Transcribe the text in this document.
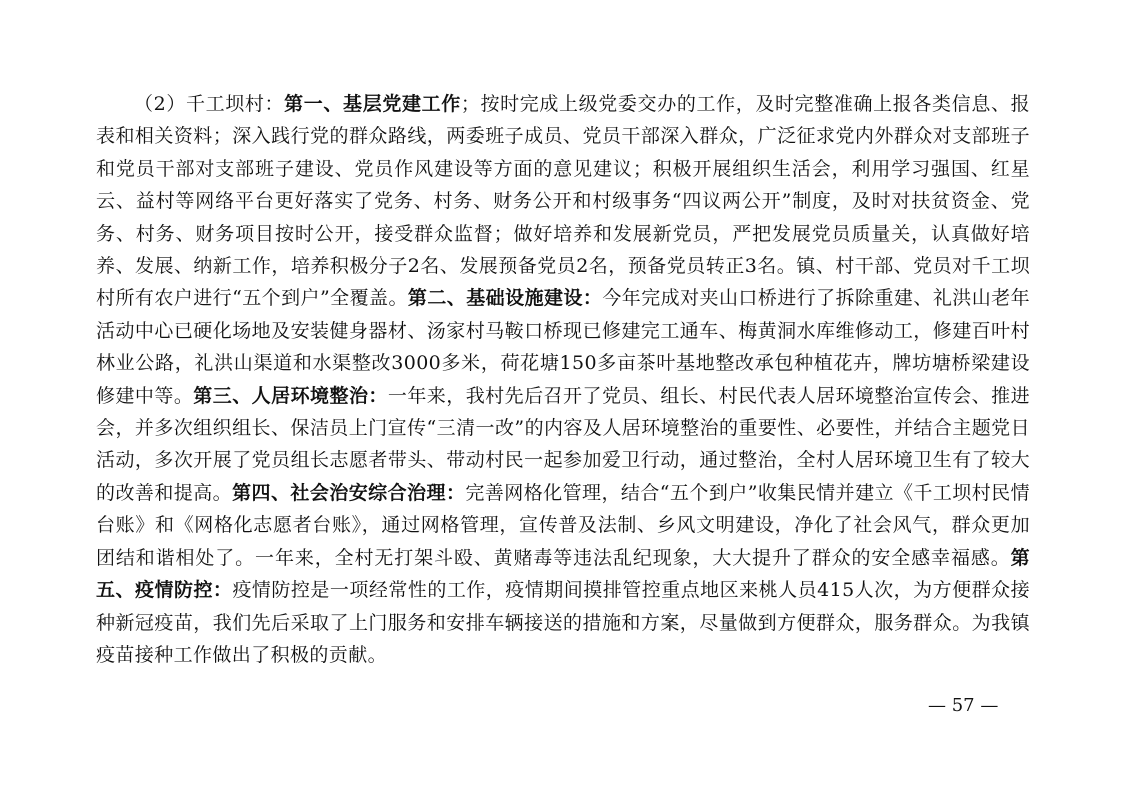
（2）千工坝村：第一、基层党建工作；按时完成上级党委交办的工作，及时完整准确上报各类信息、报表和相关资料；深入践行党的群众路线，两委班子成员、党员干部深入群众，广泛征求党内外群众对支部班子和党员干部对支部班子建设、党员作风建设等方面的意见建议；积极开展组织生活会，利用学习强国、红星云、益村等网络平台更好落实了党务、村务、财务公开和村级事务“四议两公开”制度，及时对扶贫资金、党务、村务、财务项目按时公开，接受群众监督；做好培养和发展新党员，严把发展党员质量关，认真做好培养、发展、纳新工作，培养积极分子2名、发展预备党员2名，预备党员转正3名。镇、村干部、党员对千工坝村所有农户进行“五个到户”全覆盖。第二、基础设施建设：今年完成对夹山口桥进行了拆除重建、礼洪山老年活动中心已硬化场地及安装健身器材、汤家村马鞍口桥现已修建完工通车、梅黄洞水库维修动工，修建百叶村林业公路，礼洪山渠道和水渠整改3000多米，荷花塘150多亩茶叶基地整改承包种植花卉，牌坊塘桥梁建设修建中等。第三、人居环境整治：一年来，我村先后召开了党员、组长、村民代表人居环境整治宣传会、推进会，并多次组织组长、保洁员上门宣传“三清一改”的内容及人居环境整治的重要性、必要性，并结合主题党日活动，多次开展了党员组长志愿者带头、带动村民一起参加爱卫行动，通过整治，全村人居环境卫生有了较大的改善和提高。第四、社会治安综合治理：完善网格化管理，结合“五个到户”收集民情并建立《千工坝村民情台账》和《网格化志愿者台账》，通过网格管理，宣传普及法制、乡风文明建设，净化了社会风气，群众更加团结和谐相处了。一年来，全村无打架斗殴、黄赌毒等违法乱纪现象，大大提升了群众的安全感幸福感。第五、疫情防控：疫情防控是一项经常性的工作，疫情期间摸排管控重点地区来桃人员415人次，为方便群众接种新冠疫苗，我们先后采取了上门服务和安排车辆接送的措施和方案，尽量做到方便群众，服务群众。为我镇疫苗接种工作做出了积极的贡献。

— 57 —
